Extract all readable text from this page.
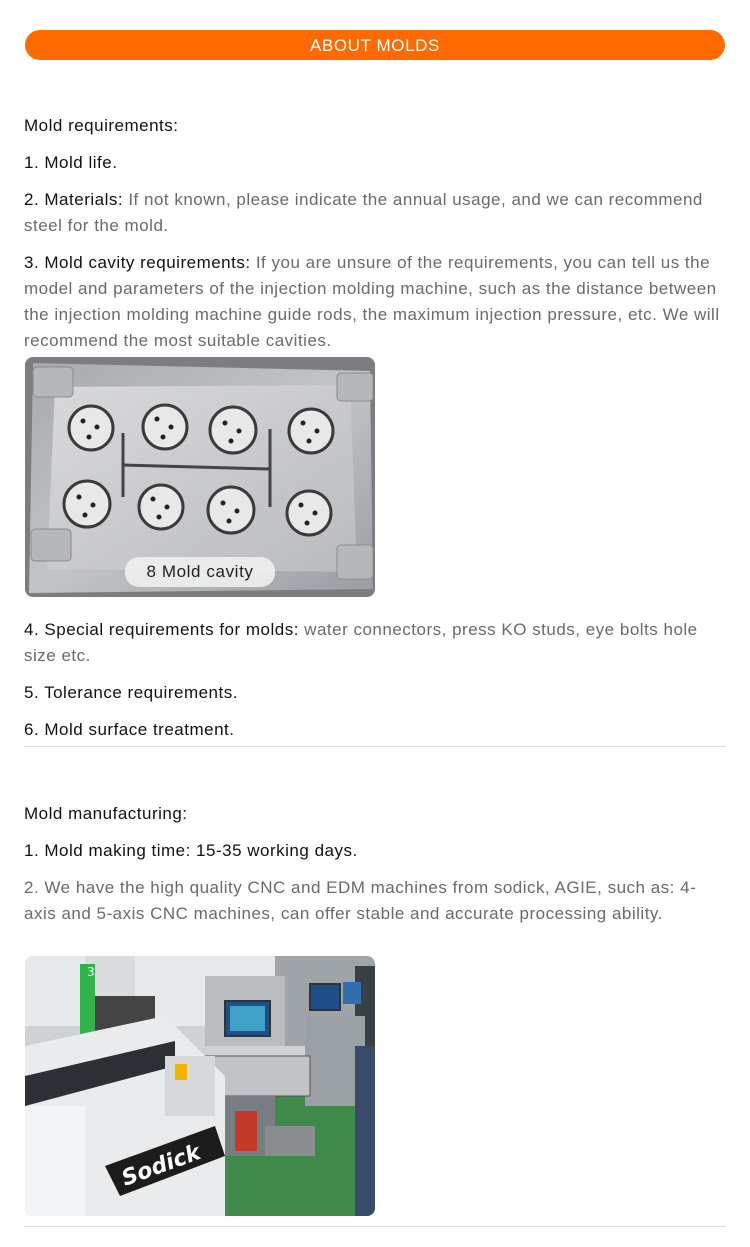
ABOUT MOLDS

Mold requirements:

1. Mold life.

2. Materials: If not known, please indicate the annual usage, and we can recommend steel for the mold.

3. Mold cavity requirements: If you are unsure of the requirements, you can tell us the model and parameters of the injection molding machine, such as the distance between the injection molding machine guide rods, the maximum injection pressure, etc. We will recommend the most suitable cavities.

8 Mold cavity

4. Special requirements for molds: water connectors, press KO studs, eye bolts hole size etc.

5. Tolerance requirements.

6. Mold surface treatment.

Mold manufacturing:

1. Mold making time: 15-35 working days.

2. We have the high quality CNC and EDM machines from sodick, AGIE, such as: 4-axis and 5-axis CNC machines, can offer stable and accurate processing ability.

3
Sodick
